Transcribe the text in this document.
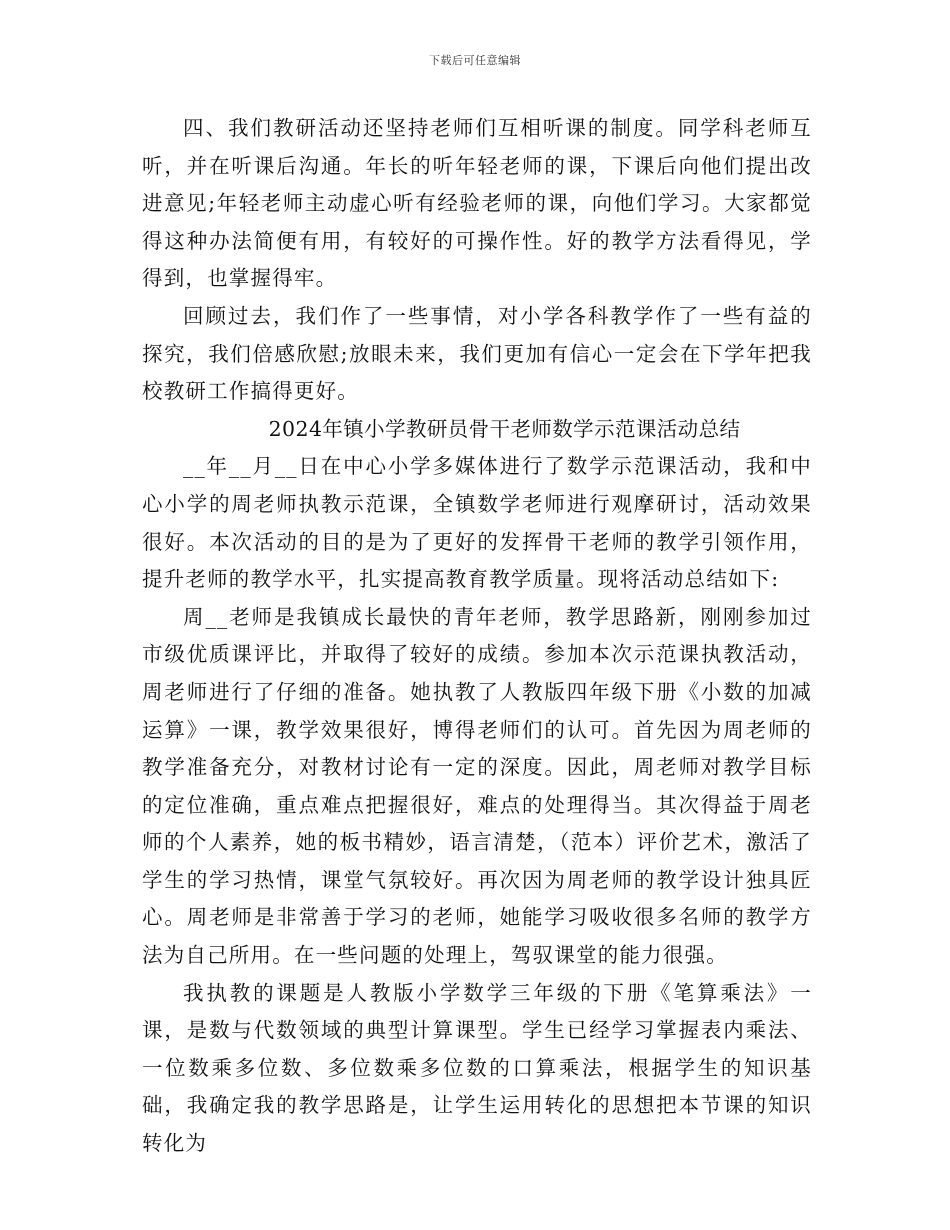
下载后可任意编辑

四、我们教研活动还坚持老师们互相听课的制度。同学科老师互听，并在听课后沟通。年长的听年轻老师的课，下课后向他们提出改进意见;年轻老师主动虚心听有经验老师的课，向他们学习。大家都觉得这种办法简便有用，有较好的可操作性。好的教学方法看得见，学得到，也掌握得牢。

回顾过去，我们作了一些事情，对小学各科教学作了一些有益的探究，我们倍感欣慰;放眼未来，我们更加有信心一定会在下学年把我校教研工作搞得更好。

2024年镇小学教研员骨干老师数学示范课活动总结

__年__月__日在中心小学多媒体进行了数学示范课活动，我和中心小学的周老师执教示范课，全镇数学老师进行观摩研讨，活动效果很好。本次活动的目的是为了更好的发挥骨干老师的教学引领作用，提升老师的教学水平，扎实提高教育教学质量。现将活动总结如下:

周__老师是我镇成长最快的青年老师，教学思路新，刚刚参加过市级优质课评比，并取得了较好的成绩。参加本次示范课执教活动，周老师进行了仔细的准备。她执教了人教版四年级下册《小数的加减运算》一课，教学效果很好，博得老师们的认可。首先因为周老师的教学准备充分，对教材讨论有一定的深度。因此，周老师对教学目标的定位准确，重点难点把握很好，难点的处理得当。其次得益于周老师的个人素养，她的板书精妙，语言清楚，（范本）评价艺术，激活了学生的学习热情，课堂气氛较好。再次因为周老师的教学设计独具匠心。周老师是非常善于学习的老师，她能学习吸收很多名师的教学方法为自己所用。在一些问题的处理上，驾驭课堂的能力很强。

我执教的课题是人教版小学数学三年级的下册《笔算乘法》一课，是数与代数领域的典型计算课型。学生已经学习掌握表内乘法、一位数乘多位数、多位数乘多位数的口算乘法，根据学生的知识基础，我确定我的教学思路是，让学生运用转化的思想把本节课的知识转化为
